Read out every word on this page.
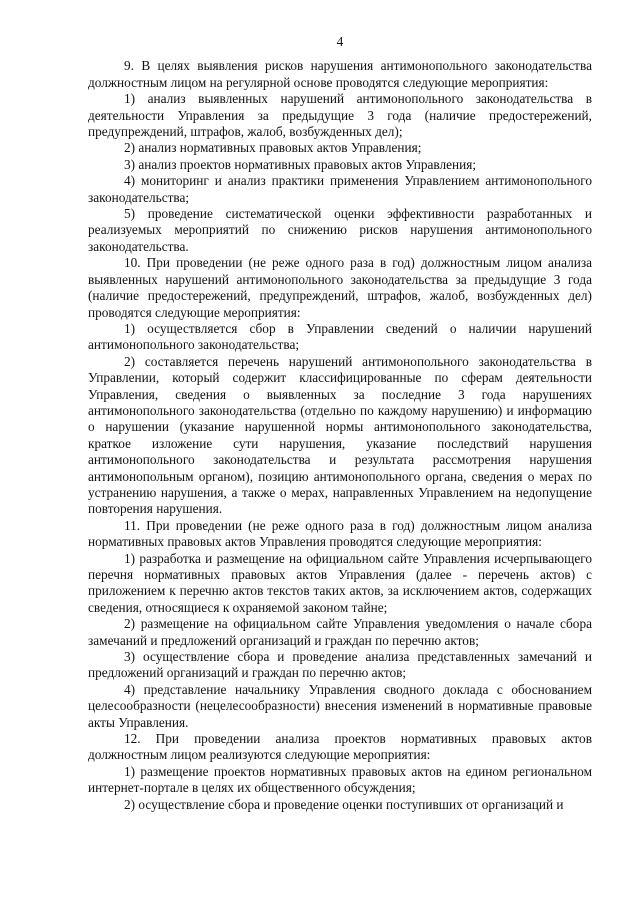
4

9. В целях выявления рисков нарушения антимонопольного законодательства должностным лицом на регулярной основе проводятся следующие мероприятия:

1) анализ выявленных нарушений антимонопольного законодательства в деятельности Управления за предыдущие 3 года (наличие предостережений, предупреждений, штрафов, жалоб, возбужденных дел);

2) анализ нормативных правовых актов Управления;

3) анализ проектов нормативных правовых актов Управления;

4) мониторинг и анализ практики применения Управлением антимонопольного законодательства;

5) проведение систематической оценки эффективности разработанных и реализуемых мероприятий по снижению рисков нарушения антимонопольного законодательства.

10. При проведении (не реже одного раза в год) должностным лицом анализа выявленных нарушений антимонопольного законодательства за предыдущие 3 года (наличие предостережений, предупреждений, штрафов, жалоб, возбужденных дел) проводятся следующие мероприятия:

1) осуществляется сбор в Управлении сведений о наличии нарушений антимонопольного законодательства;

2) составляется перечень нарушений антимонопольного законодательства в Управлении, который содержит классифицированные по сферам деятельности Управления, сведения о выявленных за последние 3 года нарушениях антимонопольного законодательства (отдельно по каждому нарушению) и информацию о нарушении (указание нарушенной нормы антимонопольного законодательства, краткое изложение сути нарушения, указание последствий нарушения антимонопольного законодательства и результата рассмотрения нарушения антимонопольным органом), позицию антимонопольного органа, сведения о мерах по устранению нарушения, а также о мерах, направленных Управлением на недопущение повторения нарушения.

11. При проведении (не реже одного раза в год) должностным лицом анализа нормативных правовых актов Управления проводятся следующие мероприятия:

1) разработка и размещение на официальном сайте Управления исчерпывающего перечня нормативных правовых актов Управления (далее - перечень актов) с приложением к перечню актов текстов таких актов, за исключением актов, содержащих сведения, относящиеся к охраняемой законом тайне;

2) размещение на официальном сайте Управления уведомления о начале сбора замечаний и предложений организаций и граждан по перечню актов;

3) осуществление сбора и проведение анализа представленных замечаний и предложений организаций и граждан по перечню актов;

4) представление начальнику Управления сводного доклада с обоснованием целесообразности (нецелесообразности) внесения изменений в нормативные правовые акты Управления.

12. При проведении анализа проектов нормативных правовых актов должностным лицом реализуются следующие мероприятия:

1) размещение проектов нормативных правовых актов на едином региональном интернет-портале в целях их общественного обсуждения;

2) осуществление сбора и проведение оценки поступивших от организаций и
